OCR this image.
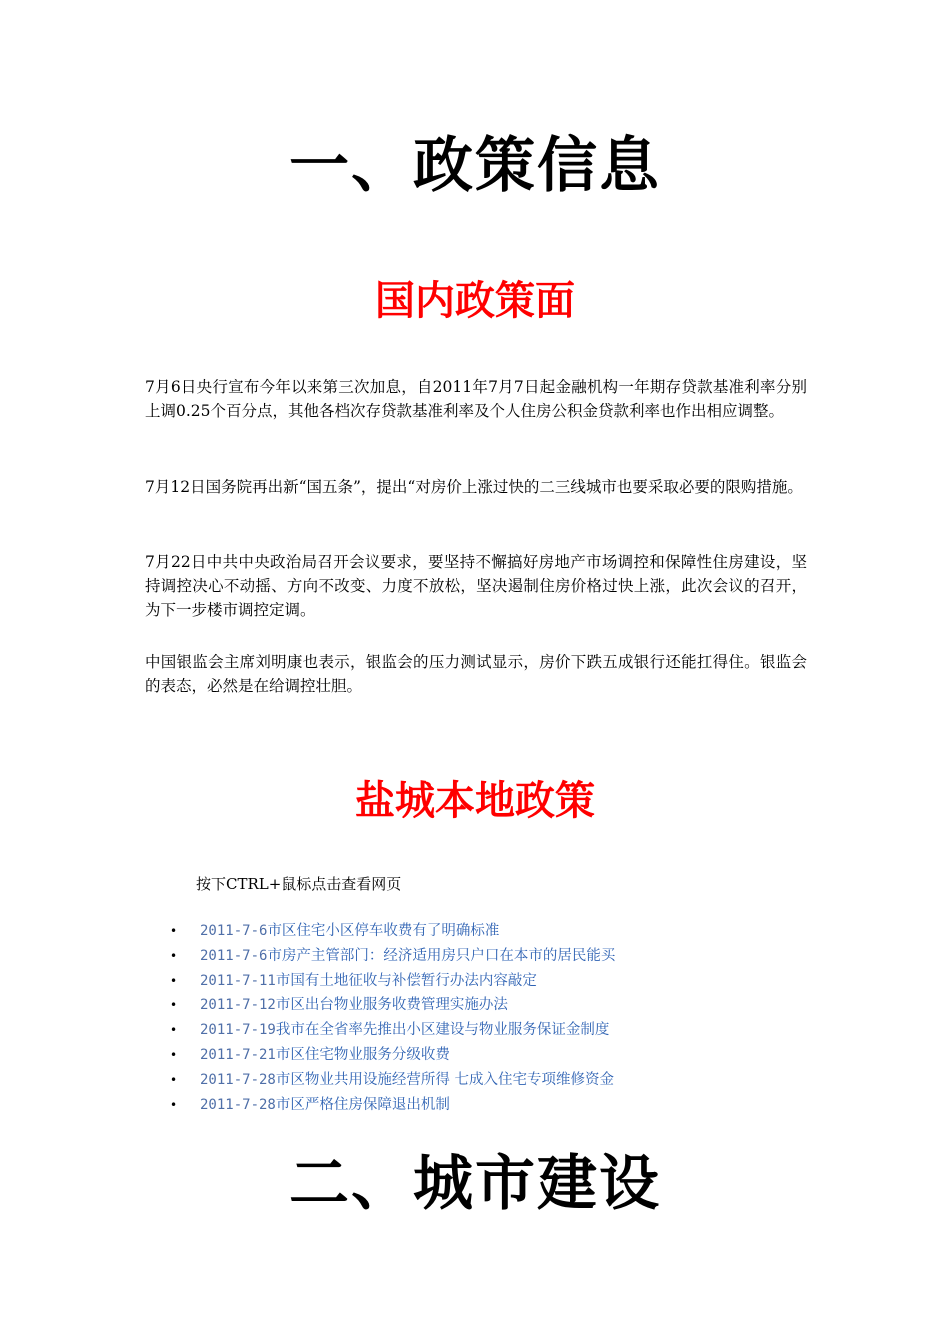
一、政策信息
国内政策面

7月6日央行宣布今年以来第三次加息，自2011年7月7日起金融机构一年期存贷款基准利率分别上调0.25个百分点，其他各档次存贷款基准利率及个人住房公积金贷款利率也作出相应调整。

7月12日国务院再出新“国五条”，提出“对房价上涨过快的二三线城市也要采取必要的限购措施。

7月22日中共中央政治局召开会议要求，要坚持不懈搞好房地产市场调控和保障性住房建设，坚持调控决心不动摇、方向不改变、力度不放松，坚决遏制住房价格过快上涨，此次会议的召开，为下一步楼市调控定调。

中国银监会主席刘明康也表示，银监会的压力测试显示，房价下跌五成银行还能扛得住。银监会的表态，必然是在给调控壮胆。

盐城本地政策

按下CTRL+鼠标点击查看网页

• 2011-7-6市区住宅小区停车收费有了明确标准
• 2011-7-6市房产主管部门：经济适用房只户口在本市的居民能买
• 2011-7-11市国有土地征收与补偿暂行办法内容敲定
• 2011-7-12市区出台物业服务收费管理实施办法
• 2011-7-19我市在全省率先推出小区建设与物业服务保证金制度
• 2011-7-21市区住宅物业服务分级收费
• 2011-7-28市区物业共用设施经营所得 七成入住宅专项维修资金
• 2011-7-28市区严格住房保障退出机制
二、城市建设
